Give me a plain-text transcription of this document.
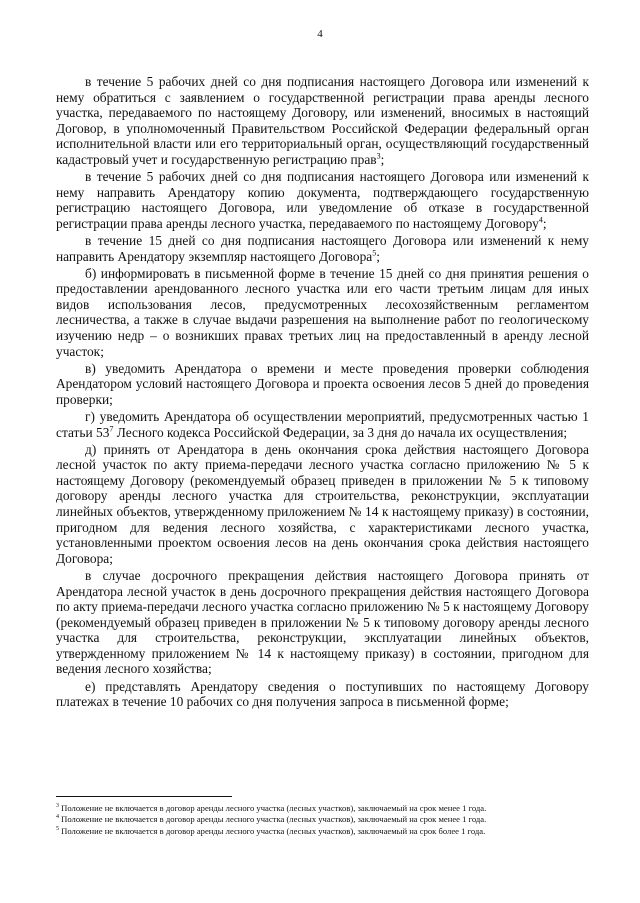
4

в течение 5 рабочих дней со дня подписания настоящего Договора или изменений к нему обратиться с заявлением о государственной регистрации права аренды лесного участка, передаваемого по настоящему Договору, или изменений, вносимых в настоящий Договор, в уполномоченный Правительством Российской Федерации федеральный орган исполнительной власти или его территориальный орган, осуществляющий государственный кадастровый учет и государственную регистрацию прав$^3$;

в течение 5 рабочих дней со дня подписания настоящего Договора или изменений к нему направить Арендатору копию документа, подтверждающего государственную регистрацию настоящего Договора, или уведомление об отказе в государственной регистрации права аренды лесного участка, передаваемого по настоящему Договору$^4$;

в течение 15 дней со дня подписания настоящего Договора или изменений к нему направить Арендатору экземпляр настоящего Договора$^5$;

б) информировать в письменной форме в течение 15 дней со дня принятия решения о предоставлении арендованного лесного участка или его части третьим лицам для иных видов использования лесов, предусмотренных лесохозяйственным регламентом лесничества, а также в случае выдачи разрешения на выполнение работ по геологическому изучению недр – о возникших правах третьих лиц на предоставленный в аренду лесной участок;

в) уведомить Арендатора о времени и месте проведения проверки соблюдения Арендатором условий настоящего Договора и проекта освоения лесов 5 дней до проведения проверки;

г) уведомить Арендатора об осуществлении мероприятий, предусмотренных частью 1 статьи $53^7$ Лесного кодекса Российской Федерации, за 3 дня до начала их осуществления;

д) принять от Арендатора в день окончания срока действия настоящего Договора лесной участок по акту приема-передачи лесного участка согласно приложению № 5 к настоящему Договору (рекомендуемый образец приведен в приложении № 5 к типовому договору аренды лесного участка для строительства, реконструкции, эксплуатации линейных объектов, утвержденному приложением № 14 к настоящему приказу) в состоянии, пригодном для ведения лесного хозяйства, с характеристиками лесного участка, установленными проектом освоения лесов на день окончания срока действия настоящего Договора;

в случае досрочного прекращения действия настоящего Договора принять от Арендатора лесной участок в день досрочного прекращения действия настоящего Договора по акту приема-передачи лесного участка согласно приложению № 5 к настоящему Договору (рекомендуемый образец приведен в приложении № 5 к типовому договору аренды лесного участка для строительства, реконструкции, эксплуатации линейных объектов, утвержденному приложением № 14 к настоящему приказу) в состоянии, пригодном для ведения лесного хозяйства;

е) представлять Арендатору сведения о поступивших по настоящему Договору платежах в течение 10 рабочих со дня получения запроса в письменной форме;

$^3$ Положение не включается в договор аренды лесного участка (лесных участков), заключаемый на срок менее 1 года.
$^4$ Положение не включается в договор аренды лесного участка (лесных участков), заключаемый на срок менее 1 года.
$^5$ Положение не включается в договор аренды лесного участка (лесных участков), заключаемый на срок более 1 года.
